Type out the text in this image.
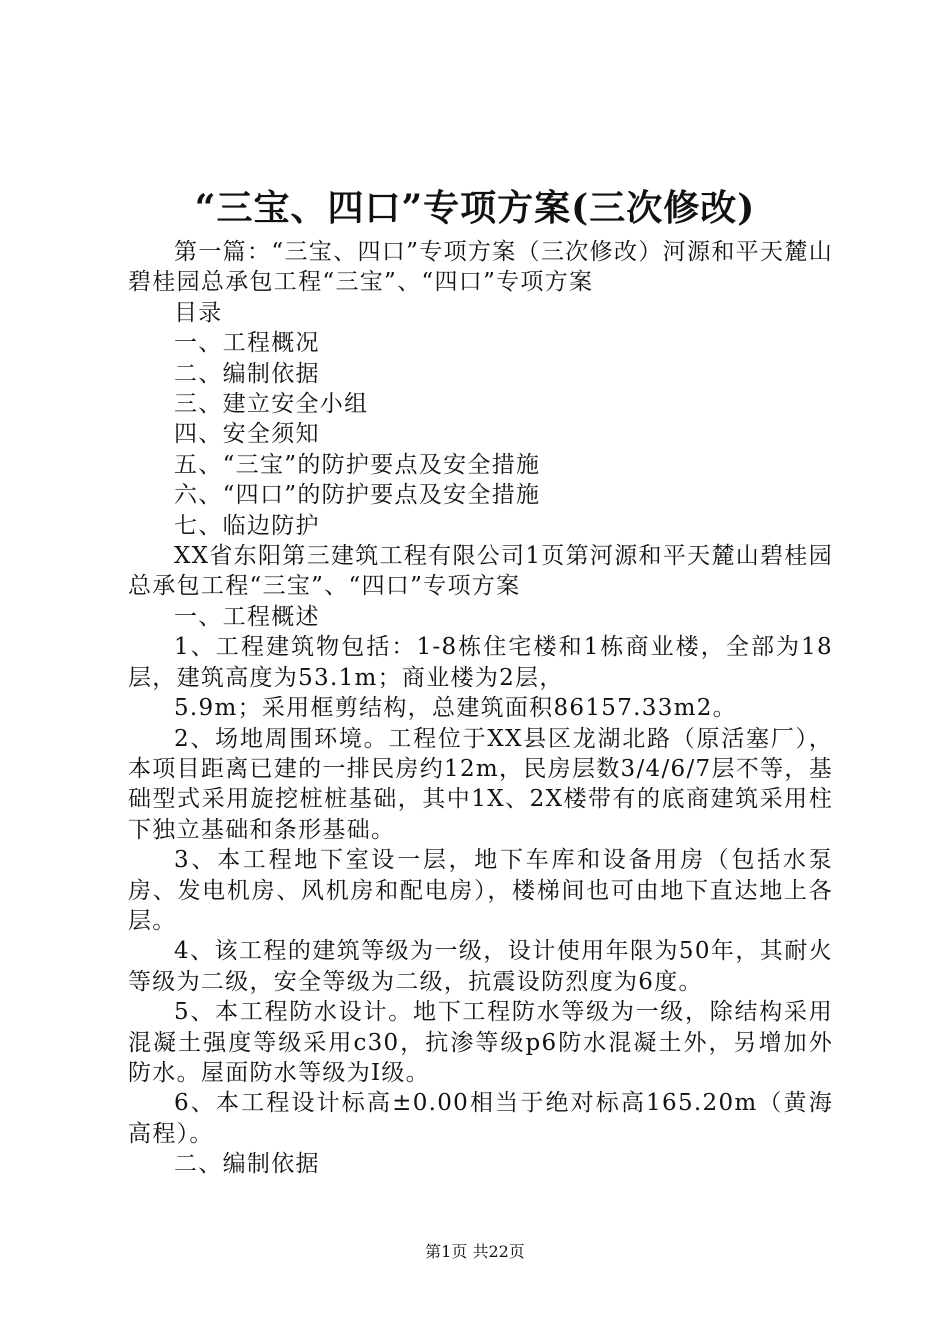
“三宝、四口”专项方案(三次修改)

第一篇：“三宝、四口”专项方案（三次修改）河源和平天麓山碧桂园总承包工程“三宝”、“四口”专项方案

目录

一、工程概况

二、编制依据

三、建立安全小组

四、安全须知

五、“三宝”的防护要点及安全措施

六、“四口”的防护要点及安全措施

七、临边防护

XX省东阳第三建筑工程有限公司1页第河源和平天麓山碧桂园总承包工程“三宝”、“四口”专项方案

一、工程概述

1、工程建筑物包括：1-8栋住宅楼和1栋商业楼，全部为18层，建筑高度为53.1m；商业楼为2层，

5.9m；采用框剪结构，总建筑面积86157.33m2。

2、场地周围环境。工程位于XX县区龙湖北路（原活塞厂），本项目距离已建的一排民房约12m，民房层数3/4/6/7层不等，基础型式采用旋挖桩桩基础，其中1X、2X楼带有的底商建筑采用柱下独立基础和条形基础。

3、本工程地下室设一层，地下车库和设备用房（包括水泵房、发电机房、风机房和配电房），楼梯间也可由地下直达地上各层。

4、该工程的建筑等级为一级，设计使用年限为50年，其耐火等级为二级，安全等级为二级，抗震设防烈度为6度。

5、本工程防水设计。地下工程防水等级为一级，除结构采用混凝土强度等级采用c30，抗渗等级p6防水混凝土外，另增加外防水。屋面防水等级为Ⅰ级。

6、本工程设计标高±0.00相当于绝对标高165.20m（黄海高程）。

二、编制依据

第1页 共22页
